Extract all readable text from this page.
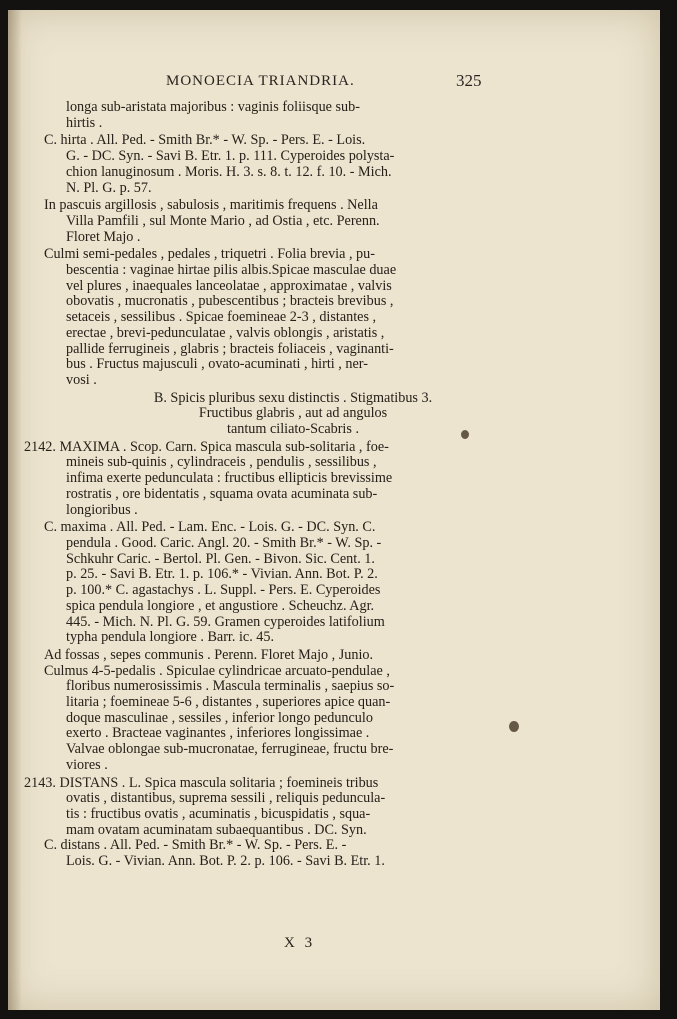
MONOECIA TRIANDRIA.	325

longa sub-aristata majoribus : vaginis foliisque sub-

hirtis .

C. hirta . All. Ped. - Smith Br.* - W. Sp. - Pers. E. - Lois.

G. - DC. Syn. - Savi B. Etr. 1. p. 111. Cyperoides polysta-

chion lanuginosum . Moris. H. 3. s. 8. t. 12. f. 10. - Mich.

N. Pl. G. p. 57.

In pascuis argillosis , sabulosis , maritimis frequens . Nella

Villa Pamfili , sul Monte Mario , ad Ostia , etc. Perenn.

Floret Majo .

Culmi semi-pedales , pedales , triquetri . Folia brevia , pu-

bescentia : vaginae hirtae pilis albis.Spicae masculae duae

vel plures , inaequales lanceolatae , approximatae , valvis

obovatis , mucronatis , pubescentibus ; bracteis brevibus ,

setaceis , sessilibus . Spicae foemineae 2-3 , distantes ,

erectae , brevi-pedunculatae , valvis oblongis , aristatis ,

pallide ferrugineis , glabris ; bracteis foliaceis , vaginanti-

bus . Fructus majusculi , ovato-acuminati , hirti , ner-

vosi .

B. Spicis pluribus sexu distinctis . Stigmatibus 3.

Fructibus glabris , aut ad angulos

tantum ciliato-Scabris .

2142. MAXIMA . Scop. Carn. Spica mascula sub-solitaria , foe-

mineis sub-quinis , cylindraceis , pendulis , sessilibus ,

infima exerte pedunculata : fructibus ellipticis brevissime

rostratis , ore bidentatis , squama ovata acuminata sub-

longioribus .

C. maxima . All. Ped. - Lam. Enc. - Lois. G. - DC. Syn. C.

pendula . Good. Caric. Angl. 20. - Smith Br.* - W. Sp. -

Schkuhr Caric. - Bertol. Pl. Gen. - Bivon. Sic. Cent. 1.

p. 25. - Savi B. Etr. 1. p. 106.* - Vivian. Ann. Bot. P. 2.

p. 100.* C. agastachys . L. Suppl. - Pers. E. Cyperoides

spica pendula longiore , et angustiore . Scheuchz. Agr.

445. - Mich. N. Pl. G. 59. Gramen cyperoides latifolium

typha pendula longiore . Barr. ic. 45.

Ad fossas , sepes communis . Perenn. Floret Majo , Junio.

Culmus 4-5-pedalis . Spiculae cylindricae arcuato-pendulae ,

floribus numerosissimis . Mascula terminalis , saepius so-

litaria ; foemineae 5-6 , distantes , superiores apice quan-

doque masculinae , sessiles , inferior longo pedunculo

exerto . Bracteae vaginantes , inferiores longissimae .

Valvae oblongae sub-mucronatae, ferrugineae, fructu bre-

viores .

2143. DISTANS . L. Spica mascula solitaria ; foemineis tribus

ovatis , distantibus, suprema sessili , reliquis peduncula-

tis : fructibus ovatis , acuminatis , bicuspidatis , squa-

mam ovatam acuminatam subaequantibus . DC. Syn.

C. distans . All. Ped. - Smith Br.* - W. Sp. - Pers. E. -

Lois. G. - Vivian. Ann. Bot. P. 2. p. 106. - Savi B. Etr. 1.

X 3
